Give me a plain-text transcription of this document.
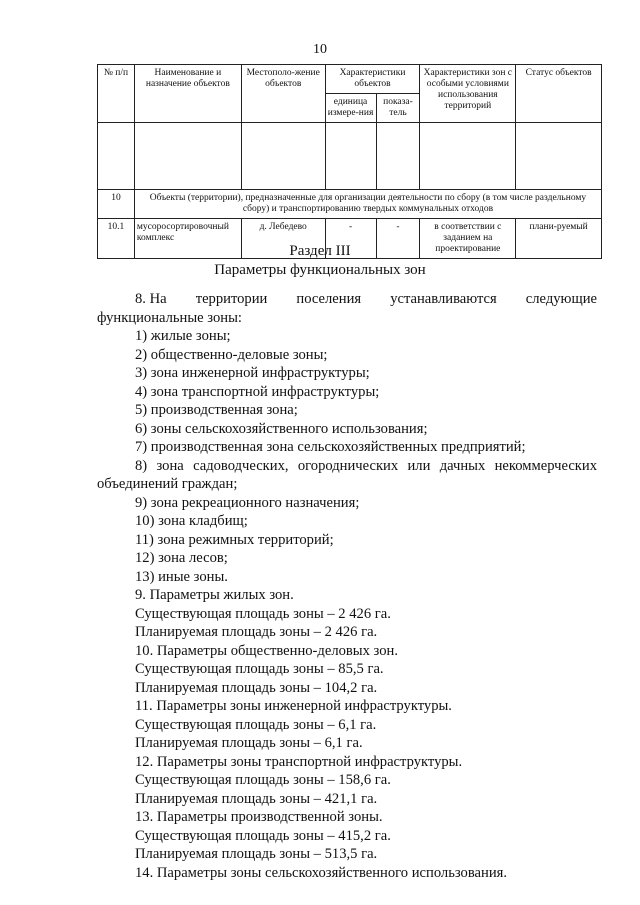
10
№ п/п	Наименование и назначение объектов	Местополо-жение объектов	Характеристики объектов		Характеристики зон с особыми условиями использования территорий	Статус объектов
			единица измере-ния	показа-тель		

10	Объекты (территории), предназначенные для организации деятельности по сбору (в том числе раздельному сбору) и транспортированию твердых коммунальных отходов					
10.1	мусоросортировочный комплекс	д. Лебедево	-	-	в соответствии с заданием на проектирование	плани-руемый
Раздел III
Параметры функциональных зон

8. На территории поселения устанавливаются следующие

функциональные зоны:

1) жилые зоны;

2) общественно-деловые зоны;

3) зона инженерной инфраструктуры;

4) зона транспортной инфраструктуры;

5) производственная зона;

6) зоны сельскохозяйственного использования;

7) производственная зона сельскохозяйственных предприятий;

8) зона садоводческих, огороднических или дачных некоммерческих

объединений граждан;

9) зона рекреационного назначения;

10) зона кладбищ;

11) зона режимных территорий;

12) зона лесов;

13) иные зоны.

9. Параметры жилых зон.

Существующая площадь зоны – 2 426 га.

Планируемая площадь зоны – 2 426 га.

10. Параметры общественно-деловых зон.

Существующая площадь зоны – 85,5 га.

Планируемая площадь зоны – 104,2 га.

11. Параметры зоны инженерной инфраструктуры.

Существующая площадь зоны – 6,1 га.

Планируемая площадь зоны – 6,1 га.

12. Параметры зоны транспортной инфраструктуры.

Существующая площадь зоны – 158,6 га.

Планируемая площадь зоны – 421,1 га.

13. Параметры производственной зоны.

Существующая площадь зоны – 415,2 га.

Планируемая площадь зоны – 513,5 га.

14. Параметры зоны сельскохозяйственного использования.
